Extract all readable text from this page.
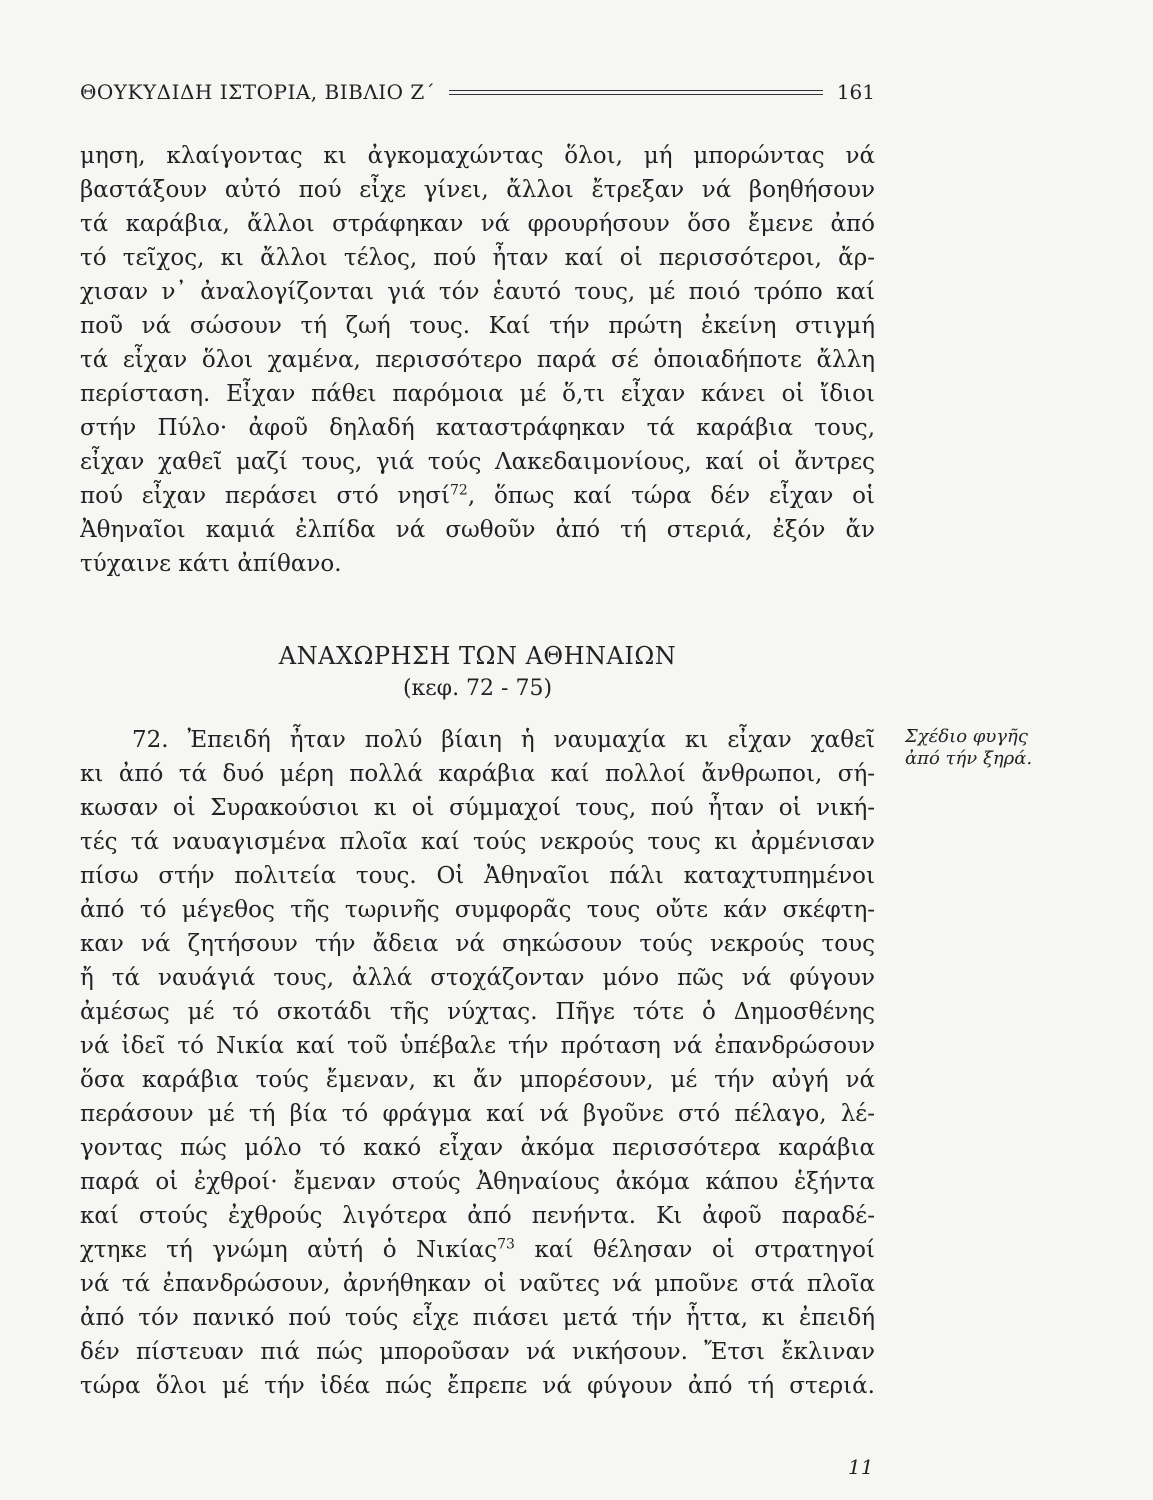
ΘΟΥΚΥΔΙΔΗ ΙΣΤΟΡΙΑ, ΒΙΒΛΙΟ Ζ΄	161
μηση, κλαίγοντας κι ἀγκομαχώντας ὅλοι, μή μπορώντας νά
βαστάξουν αὐτό πού εἶχε γίνει, ἄλλοι ἔτρεξαν νά βοηθήσουν
τά καράβια, ἄλλοι στράφηκαν νά φρουρήσουν ὅσο ἔμενε ἀπό
τό τεῖχος, κι ἄλλοι τέλος, πού ἦταν καί οἱ περισσότεροι, ἄρ-
χισαν ν᾽ ἀναλογίζονται γιά τόν ἑαυτό τους, μέ ποιό τρόπο καί
ποῦ νά σώσουν τή ζωή τους. Καί τήν πρώτη ἐκείνη στιγμή
τά εἶχαν ὅλοι χαμένα, περισσότερο παρά σέ ὁποιαδήποτε ἄλλη
περίσταση. Εἶχαν πάθει παρόμοια μέ ὅ,τι εἶχαν κάνει οἱ ἴδιοι
στήν Πύλο· ἀφοῦ δηλαδή καταστράφηκαν τά καράβια τους,
εἶχαν χαθεῖ μαζί τους, γιά τούς Λακεδαιμονίους, καί οἱ ἄντρες
πού εἶχαν περάσει στό νησί$^{72}$, ὅπως καί τώρα δέν εἶχαν οἱ
Ἀθηναῖοι καμιά ἐλπίδα νά σωθοῦν ἀπό τή στεριά, ἐξόν ἄν
τύχαινε κάτι ἀπίθανο.
ΑΝΑΧΩΡΗΣΗ ΤΩΝ ΑΘΗΝΑΙΩΝ
(κεφ. 72 - 75)
Σχέδιο φυγῆς
ἀπό τήν ξηρά.
72. Ἐπειδή ἦταν πολύ βίαιη ἡ ναυμαχία κι εἶχαν χαθεῖ
κι ἀπό τά δυό μέρη πολλά καράβια καί πολλοί ἄνθρωποι, σή-
κωσαν οἱ Συρακούσιοι κι οἱ σύμμαχοί τους, πού ἦταν οἱ νική-
τές τά ναυαγισμένα πλοῖα καί τούς νεκρούς τους κι ἀρμένισαν
πίσω στήν πολιτεία τους. Οἱ Ἀθηναῖοι πάλι καταχτυπημένοι
ἀπό τό μέγεθος τῆς τωρινῆς συμφορᾶς τους οὔτε κάν σκέφτη-
καν νά ζητήσουν τήν ἄδεια νά σηκώσουν τούς νεκρούς τους
ἤ τά ναυάγιά τους, ἀλλά στοχάζονταν μόνο πῶς νά φύγουν
ἀμέσως μέ τό σκοτάδι τῆς νύχτας. Πῆγε τότε ὁ Δημοσθένης
νά ἰδεῖ τό Νικία καί τοῦ ὑπέβαλε τήν πρόταση νά ἐπανδρώσουν
ὅσα καράβια τούς ἔμεναν, κι ἄν μπορέσουν, μέ τήν αὐγή νά
περάσουν μέ τή βία τό φράγμα καί νά βγοῦνε στό πέλαγο, λέ-
γοντας πώς μόλο τό κακό εἶχαν ἀκόμα περισσότερα καράβια
παρά οἱ ἐχθροί· ἔμεναν στούς Ἀθηναίους ἀκόμα κάπου ἑξήντα
καί στούς ἐχθρούς λιγότερα ἀπό πενήντα. Κι ἀφοῦ παραδέ-
χτηκε τή γνώμη αὐτή ὁ Νικίας$^{73}$ καί θέλησαν οἱ στρατηγοί
νά τά ἐπανδρώσουν, ἀρνήθηκαν οἱ ναῦτες νά μποῦνε στά πλοῖα
ἀπό τόν πανικό πού τούς εἶχε πιάσει μετά τήν ἧττα, κι ἐπειδή
δέν πίστευαν πιά πώς μποροῦσαν νά νικήσουν. Ἔτσι ἔκλιναν
τώρα ὅλοι μέ τήν ἰδέα πώς ἔπρεπε νά φύγουν ἀπό τή στεριά.
11
